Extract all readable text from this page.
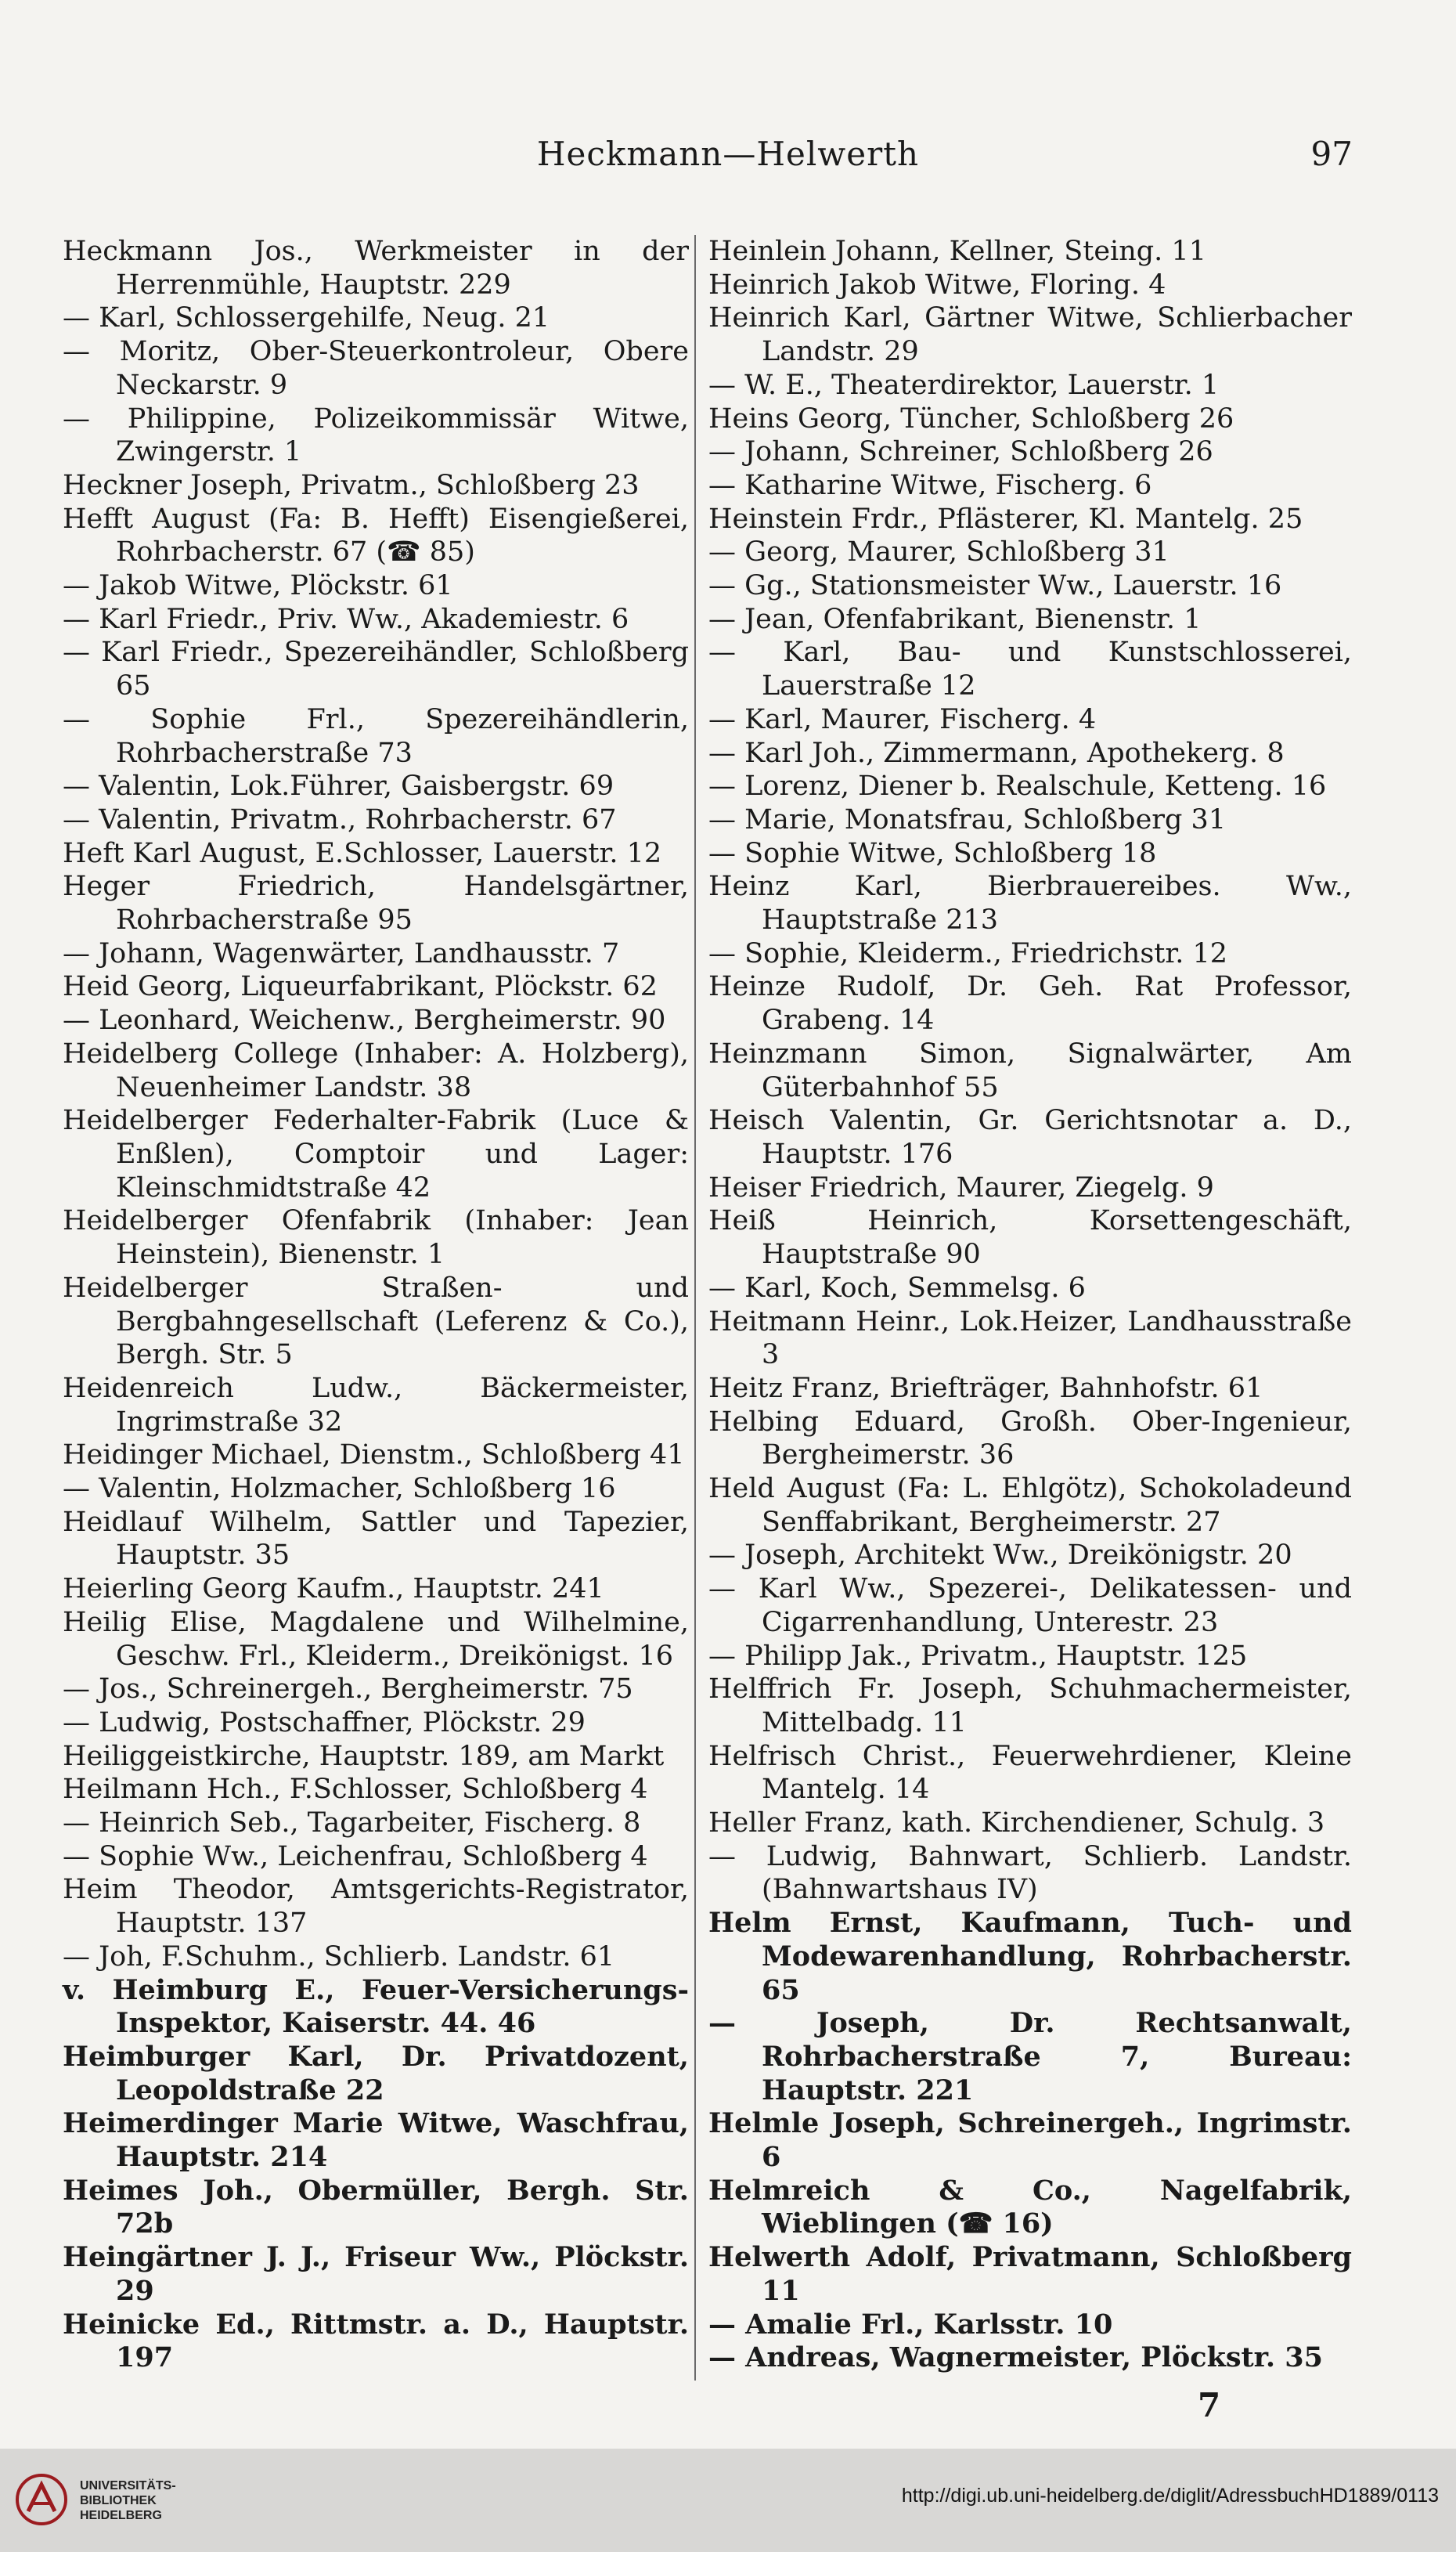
Heckmann—Helwerth	97
Heckmann Jos., Werkmeister in der Herrenmühle, Hauptstr. 229
— Karl, Schlossergehilfe, Neug. 21
— Moritz, Ober-Steuerkontroleur, Obere Neckarstr. 9
— Philippine, Polizeikommissär Witwe, Zwingerstr. 1
Heckner Joseph, Privatm., Schloßberg 23
Hefft August (Fa: B. Hefft) Eisengießerei, Rohrbacherstr. 67 (☎ 85)
— Jakob Witwe, Plöckstr. 61
— Karl Friedr., Priv. Ww., Akademiestr. 6
— Karl Friedr., Spezereihändler, Schloßberg 65
— Sophie Frl., Spezereihändlerin, Rohrbacherstraße 73
— Valentin, Lok.Führer, Gaisbergstr. 69
— Valentin, Privatm., Rohrbacherstr. 67
Heft Karl August, E.Schlosser, Lauerstr. 12
Heger Friedrich, Handelsgärtner, Rohrbacherstraße 95
— Johann, Wagenwärter, Landhausstr. 7
Heid Georg, Liqueurfabrikant, Plöckstr. 62
— Leonhard, Weichenw., Bergheimerstr. 90
Heidelberg College (Inhaber: A. Holzberg), Neuenheimer Landstr. 38
Heidelberger Federhalter-Fabrik (Luce & Enßlen), Comptoir und Lager: Kleinschmidtstraße 42
Heidelberger Ofenfabrik (Inhaber: Jean Heinstein), Bienenstr. 1
Heidelberger Straßen- und Bergbahngesellschaft (Leferenz & Co.), Bergh. Str. 5
Heidenreich Ludw., Bäckermeister, Ingrimstraße 32
Heidinger Michael, Dienstm., Schloßberg 41
— Valentin, Holzmacher, Schloßberg 16
Heidlauf Wilhelm, Sattler und Tapezier, Hauptstr. 35
Heierling Georg Kaufm., Hauptstr. 241
Heilig Elise, Magdalene und Wilhelmine, Geschw. Frl., Kleiderm., Dreikönigst. 16
— Jos., Schreinergeh., Bergheimerstr. 75
— Ludwig, Postschaffner, Plöckstr. 29
Heiliggeistkirche, Hauptstr. 189, am Markt
Heilmann Hch., F.Schlosser, Schloßberg 4
— Heinrich Seb., Tagarbeiter, Fischerg. 8
— Sophie Ww., Leichenfrau, Schloßberg 4
Heim Theodor, Amtsgerichts-Registrator, Hauptstr. 137
— Joh, F.Schuhm., Schlierb. Landstr. 61
v. Heimburg E., Feuer-Versicherungs-Inspektor, Kaiserstr. 44. 46
Heimburger Karl, Dr. Privatdozent, Leopoldstraße 22
Heimerdinger Marie Witwe, Waschfrau, Hauptstr. 214
Heimes Joh., Obermüller, Bergh. Str. 72b
Heingärtner J. J., Friseur Ww., Plöckstr. 29
Heinicke Ed., Rittmstr. a. D., Hauptstr. 197
Heinlein Johann, Kellner, Steing. 11
Heinrich Jakob Witwe, Floring. 4
Heinrich Karl, Gärtner Witwe, Schlierbacher Landstr. 29
— W. E., Theaterdirektor, Lauerstr. 1
Heins Georg, Tüncher, Schloßberg 26
— Johann, Schreiner, Schloßberg 26
— Katharine Witwe, Fischerg. 6
Heinstein Frdr., Pflästerer, Kl. Mantelg. 25
— Georg, Maurer, Schloßberg 31
— Gg., Stationsmeister Ww., Lauerstr. 16
— Jean, Ofenfabrikant, Bienenstr. 1
— Karl, Bau- und Kunstschlosserei, Lauerstraße 12
— Karl, Maurer, Fischerg. 4
— Karl Joh., Zimmermann, Apothekerg. 8
— Lorenz, Diener b. Realschule, Ketteng. 16
— Marie, Monatsfrau, Schloßberg 31
— Sophie Witwe, Schloßberg 18
Heinz Karl, Bierbrauereibes. Ww., Hauptstraße 213
— Sophie, Kleiderm., Friedrichstr. 12
Heinze Rudolf, Dr. Geh. Rat Professor, Grabeng. 14
Heinzmann Simon, Signalwärter, Am Güterbahnhof 55
Heisch Valentin, Gr. Gerichtsnotar a. D., Hauptstr. 176
Heiser Friedrich, Maurer, Ziegelg. 9
Heiß Heinrich, Korsettengeschäft, Hauptstraße 90
— Karl, Koch, Semmelsg. 6
Heitmann Heinr., Lok.Heizer, Landhausstraße 3
Heitz Franz, Briefträger, Bahnhofstr. 61
Helbing Eduard, Großh. Ober-Ingenieur, Bergheimerstr. 36
Held August (Fa: L. Ehlgötz), Schokoladeund Senffabrikant, Bergheimerstr. 27
— Joseph, Architekt Ww., Dreikönigstr. 20
— Karl Ww., Spezerei-, Delikatessen- und Cigarrenhandlung, Unterestr. 23
— Philipp Jak., Privatm., Hauptstr. 125
Helffrich Fr. Joseph, Schuhmachermeister, Mittelbadg. 11
Helfrisch Christ., Feuerwehrdiener, Kleine Mantelg. 14
Heller Franz, kath. Kirchendiener, Schulg. 3
— Ludwig, Bahnwart, Schlierb. Landstr. (Bahnwartshaus IV)
Helm Ernst, Kaufmann, Tuch- und Modewarenhandlung, Rohrbacherstr. 65
— Joseph, Dr. Rechtsanwalt, Rohrbacherstraße 7, Bureau: Hauptstr. 221
Helmle Joseph, Schreinergeh., Ingrimstr. 6
Helmreich & Co., Nagelfabrik, Wieblingen (☎ 16)
Helwerth Adolf, Privatmann, Schloßberg 11
— Amalie Frl., Karlsstr. 10
— Andreas, Wagnermeister, Plöckstr. 35
7
UNIVERSITÄTS-
BIBLIOTHEK
HEIDELBERG
http://digi.ub.uni-heidelberg.de/diglit/AdressbuchHD1889/0113
